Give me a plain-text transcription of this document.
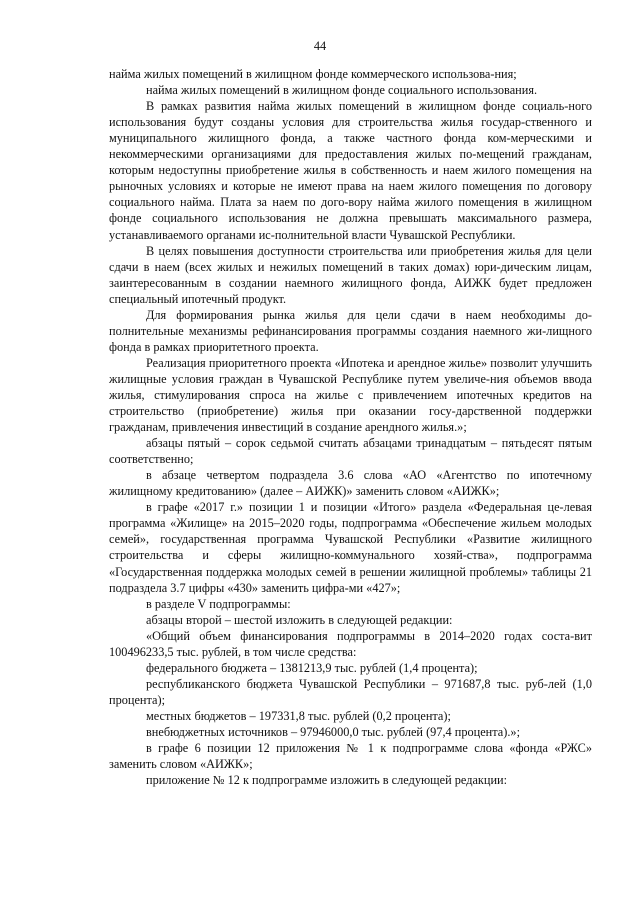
44

найма жилых помещений в жилищном фонде коммерческого использова-ния;

найма жилых помещений в жилищном фонде социального использования.

В рамках развития найма жилых помещений в жилищном фонде социаль-ного использования будут созданы условия для строительства жилья государ-ственного и муниципального жилищного фонда, а также частного фонда ком-мерческими и некоммерческими организациями для предоставления жилых по-мещений гражданам, которым недоступны приобретение жилья в собственность и наем жилого помещения на рыночных условиях и которые не имеют права на наем жилого помещения по договору социального найма. Плата за наем по дого-вору найма жилого помещения в жилищном фонде социального использования не должна превышать максимального размера, устанавливаемого органами ис-полнительной власти Чувашской Республики.

В целях повышения доступности строительства или приобретения жилья для цели сдачи в наем (всех жилых и нежилых помещений в таких домах) юри-дическим лицам, заинтересованным в создании наемного жилищного фонда, АИЖК будет предложен специальный ипотечный продукт.

Для формирования рынка жилья для цели сдачи в наем необходимы до-полнительные механизмы рефинансирования программы создания наемного жи-лищного фонда в рамках приоритетного проекта.

Реализация приоритетного проекта «Ипотека и арендное жилье» позволит улучшить жилищные условия граждан в Чувашской Республике путем увеличе-ния объемов ввода жилья, стимулирования спроса на жилье с привлечением ипотечных кредитов на строительство (приобретение) жилья при оказании госу-дарственной поддержки гражданам, привлечения инвестиций в создание арендного жилья.»;

абзацы пятый – сорок седьмой считать абзацами тринадцатым – пятьдесят пятым соответственно;

в абзаце четвертом подраздела 3.6 слова «АО «Агентство по ипотечному жилищному кредитованию» (далее – АИЖК)» заменить словом «АИЖК»;

в графе «2017 г.» позиции 1 и позиции «Итого» раздела «Федеральная це-левая программа «Жилище» на 2015–2020 годы, подпрограмма «Обеспечение жильем молодых семей», государственная программа Чувашской Республики «Развитие жилищного строительства и сферы жилищно-коммунального хозяй-ства», подпрограмма «Государственная поддержка молодых семей в решении жилищной проблемы» таблицы 21 подраздела 3.7 цифры «430» заменить цифра-ми «427»;

в разделе V подпрограммы:

абзацы второй – шестой изложить в следующей редакции:

«Общий объем финансирования подпрограммы в 2014–2020 годах соста-вит 100496233,5 тыс. рублей, в том числе средства:

федерального бюджета – 1381213,9 тыс. рублей (1,4 процента);

республиканского бюджета Чувашской Республики – 971687,8 тыс. руб-лей (1,0 процента);

местных бюджетов – 197331,8 тыс. рублей (0,2 процента);

внебюджетных источников – 97946000,0 тыс. рублей (97,4 процента).»;

в графе 6 позиции 12 приложения № 1 к подпрограмме слова «фонда «РЖС» заменить словом «АИЖК»;

приложение № 12 к подпрограмме изложить в следующей редакции:
